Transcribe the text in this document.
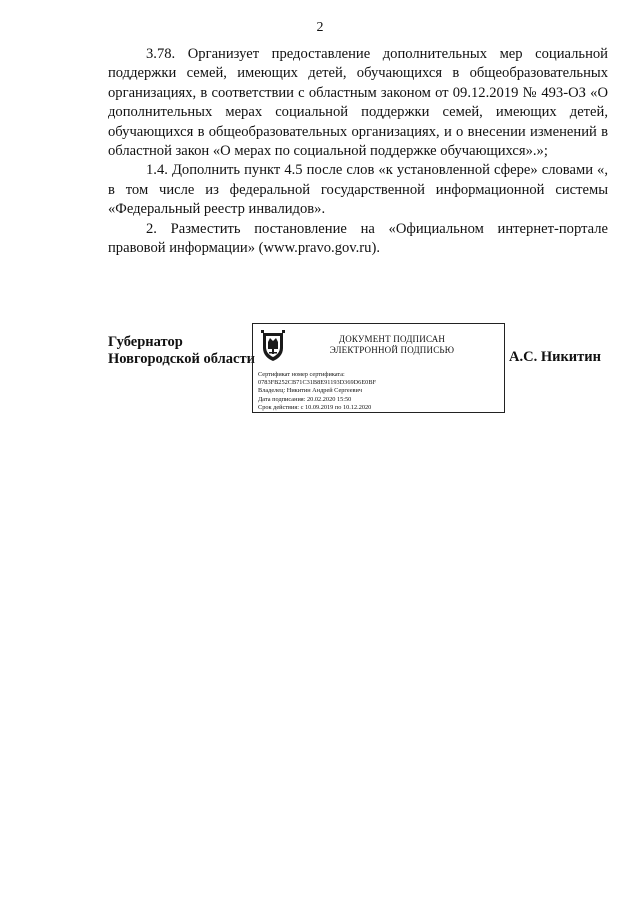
2

3.78. Организует предоставление дополнительных мер социальной поддержки семей, имеющих детей, обучающихся в общеобразовательных организациях, в соответствии с областным законом от 09.12.2019 № 493-ОЗ «О дополнительных мерах социальной поддержки семей, имеющих детей, обучающихся в общеобразовательных организациях, и о внесении изменений в областной закон «О мерах по социальной поддержке обучающихся».»;

1.4. Дополнить пункт 4.5 после слов «к установленной сфере» словами «, в том числе из федеральной государственной информационной системы «Федеральный реестр инвалидов».

2. Разместить постановление на «Официальном интернет-портале правовой информации» (www.pravo.gov.ru).

Губернатор
Новгородской области
ДОКУМЕНТ ПОДПИСАН
ЭЛЕКТРОННОЙ ПОДПИСЬЮ
Сертификат номер сертификата:
0783FB252CB71C31B8E91193D369D6E0BF
Владелец: Никитин Андрей Сергеевич
Дата подписания: 20.02.2020 15:50
Срок действия: с 10.09.2019 по 10.12.2020
А.С. Никитин
